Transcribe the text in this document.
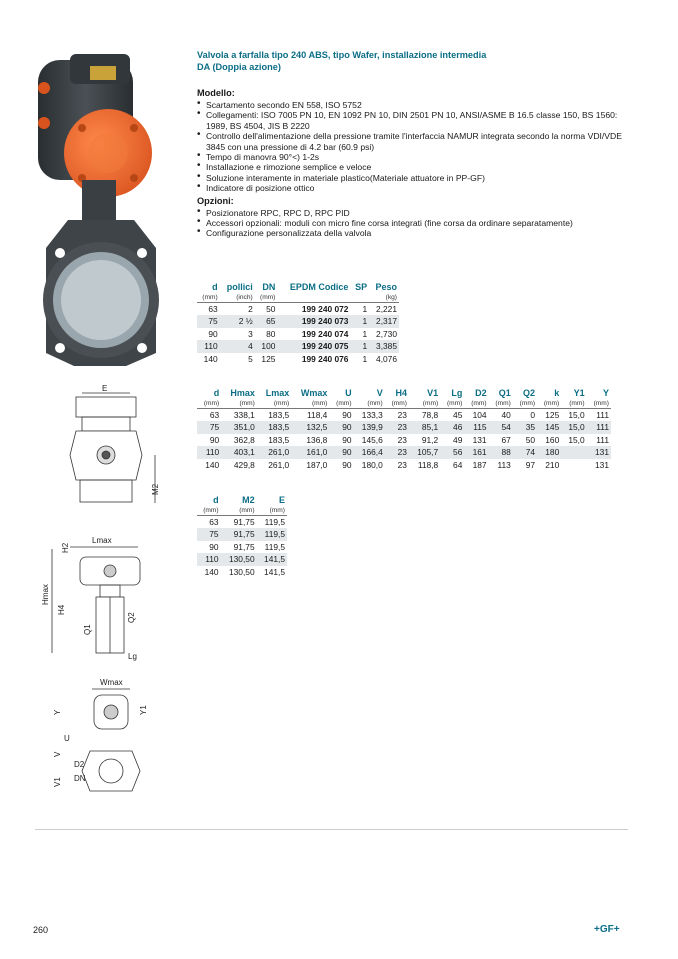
Valvola a farfalla tipo 240 ABS, tipo Wafer, installazione intermedia
DA (Doppia azione)
Modello:
• Scartamento secondo EN 558, ISO 5752
• Collegamenti: ISO 7005 PN 10, EN 1092 PN 10, DIN 2501 PN 10, ANSI/ASME B 16.5 classe 150, BS 1560: 1989, BS 4504, JIS B 2220
• Controllo dell'alimentazione della pressione tramite l'interfaccia NAMUR integrata secondo la norma VDI/VDE 3845 con una pressione di 4.2 bar (60.9 psi)
• Tempo di manovra 90°<) 1-2s
• Installazione e rimozione semplice e veloce
• Soluzione interamente in materiale plastico(Materiale attuatore in PP-GF)
• Indicatore di posizione ottico
Opzioni:
• Posizionatore RPC, RPC D, RPC PID
• Accessori opzionali: moduli con micro fine corsa integrati (fine corsa da ordinare separatamente)
• Configurazione personalizzata della valvola
d	pollici	DN	EPDM Codice	SP	Peso
(mm)	(inch)	(mm)			(kg)
63	2	50	199 240 072	1	2,221
75	2 ½	65	199 240 073	1	2,317
90	3	80	199 240 074	1	2,730
110	4	100	199 240 075	1	3,385
140	5	125	199 240 076	1	4,076
d	Hmax	Lmax	Wmax	U	V	H4	V1	Lg	D2	Q1	Q2	k	Y1	Y
(mm)	(mm)	(mm)	(mm)	(mm)	(mm)	(mm)	(mm)	(mm)	(mm)	(mm)	(mm)	(mm)	(mm)	(mm)
63	338,1	183,5	118,4	90	133,3	23	78,8	45	104	40	0	125	15,0	111
75	351,0	183,5	132,5	90	139,9	23	85,1	46	115	54	35	145	15,0	111
90	362,8	183,5	136,8	90	145,6	23	91,2	49	131	67	50	160	15,0	111
110	403,1	261,0	161,0	90	166,4	23	105,7	56	161	88	74	180		131
140	429,8	261,0	187,0	90	180,0	23	118,8	64	187	113	97	210		131
d	M2	E
(mm)	(mm)	(mm)
63	91,75	119,5
75	91,75	119,5
90	91,75	119,5
110	130,50	141,5
140	130,50	141,5
E
M2
Lmax
H2
Hmax
H4
Q1
Q2
Lg
Wmax
Y	Y1
U
V
D2
DN
V1
260	+GF+
